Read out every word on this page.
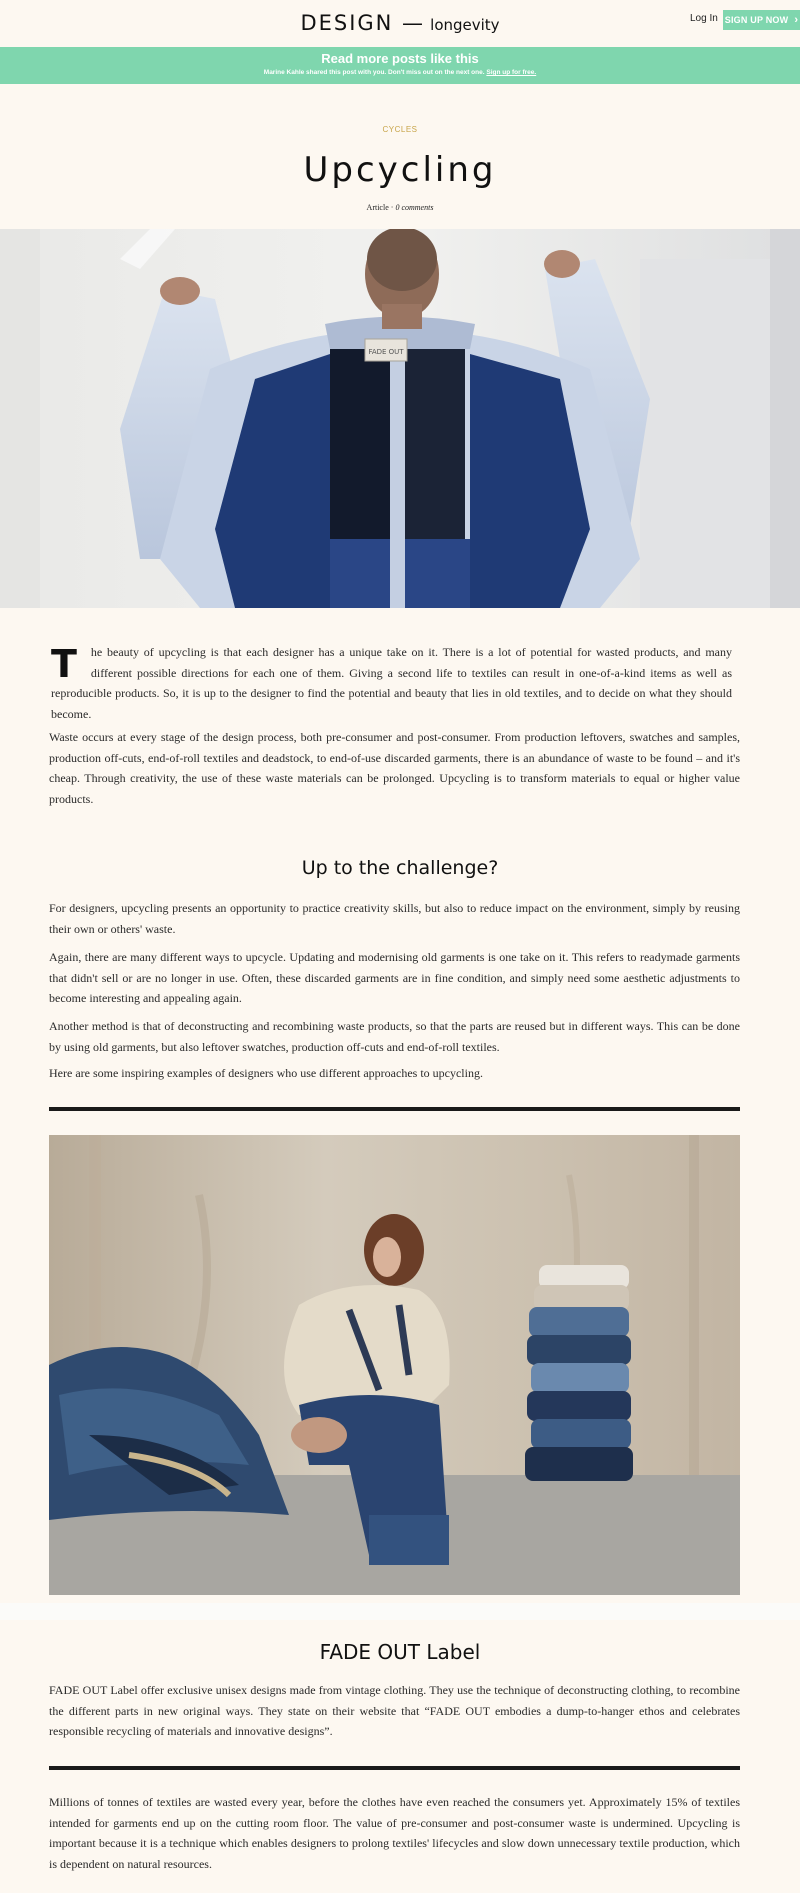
DESIGN — longevity	Log In SIGN UP NOW ›
Read more posts like this
Marine Kahle shared this post with you. Don't miss out on the next one. Sign up for free.
CYCLES
Upcycling
Article · 0 comments
FADE OUT
T he beauty of upcycling is that each designer has a unique take on it. There is a lot of potential for wasted products, and many different possible directions for each one of them. Giving a second life to textiles can result in one-of-a-kind items as well as reproducible products. So, it is up to the designer to find the potential and beauty that lies in old textiles, and to decide on what they should become.
Waste occurs at every stage of the design process, both pre-consumer and post-consumer. From production leftovers, swatches and samples, production off-cuts, end-of-roll textiles and deadstock, to end-of-use discarded garments, there is an abundance of waste to be found – and it's cheap. Through creativity, the use of these waste materials can be prolonged. Upcycling is to transform materials to equal or higher value products.
Up to the challenge?
For designers, upcycling presents an opportunity to practice creativity skills, but also to reduce impact on the environment, simply by reusing their own or others' waste.
Again, there are many different ways to upcycle. Updating and modernising old garments is one take on it. This refers to readymade garments that didn't sell or are no longer in use. Often, these discarded garments are in fine condition, and simply need some aesthetic adjustments to become interesting and appealing again.
Another method is that of deconstructing and recombining waste products, so that the parts are reused but in different ways. This can be done by using old garments, but also leftover swatches, production off-cuts and end-of-roll textiles.
Here are some inspiring examples of designers who use different approaches to upcycling.
FADE OUT Label
FADE OUT Label offer exclusive unisex designs made from vintage clothing. They use the technique of deconstructing clothing, to recombine the different parts in new original ways. They state on their website that “FADE OUT embodies a dump-to-hanger ethos and celebrates responsible recycling of materials and innovative designs”.
Millions of tonnes of textiles are wasted every year, before the clothes have even reached the consumers yet. Approximately 15% of textiles intended for garments end up on the cutting room floor. The value of pre-consumer and post-consumer waste is undermined. Upcycling is important because it is a technique which enables designers to prolong textiles' lifecycles and slow down unnecessary textile production, which is dependent on natural resources.
